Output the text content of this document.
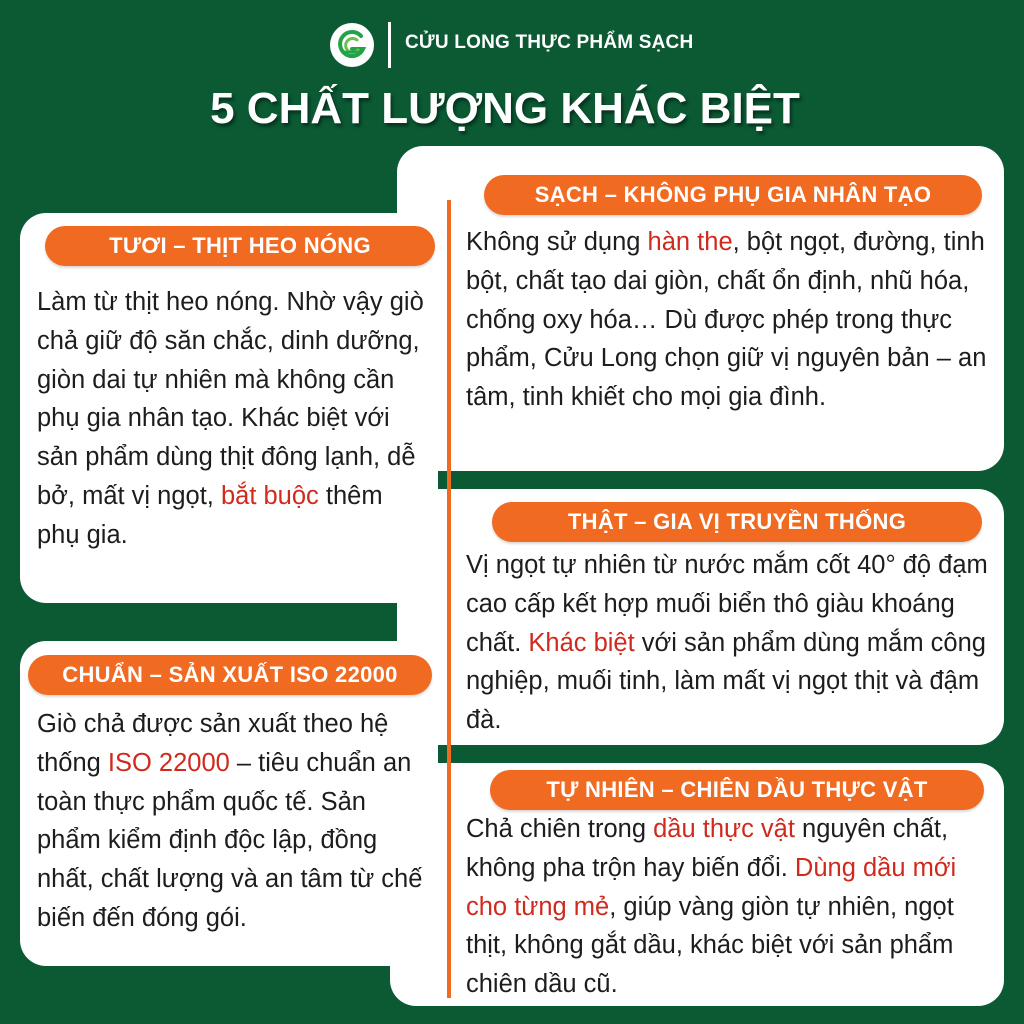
CỬU LONG THỰC PHẨM SẠCH
5 CHẤT LƯỢNG KHÁC BIỆT
SẠCH – KHÔNG PHỤ GIA NHÂN TẠO
Không sử dụng hàn the, bột ngọt, đường, tinh bột, chất tạo dai giòn, chất ổn định, nhũ hóa, chống oxy hóa… Dù được phép trong thực phẩm, Cửu Long chọn giữ vị nguyên bản – an tâm, tinh khiết cho mọi gia đình.
TƯƠI – THỊT HEO NÓNG
Làm từ thịt heo nóng. Nhờ vậy giò chả giữ độ săn chắc, dinh dưỡng, giòn dai tự nhiên mà không cần phụ gia nhân tạo. Khác biệt với sản phẩm dùng thịt đông lạnh, dễ bở, mất vị ngọt, bắt buộc thêm phụ gia.	THẬT – GIA VỊ TRUYỀN THỐNG
Vị ngọt tự nhiên từ nước mắm cốt 40° độ đạm cao cấp kết hợp muối biển thô giàu khoáng chất. Khác biệt với sản phẩm dùng mắm công nghiệp, muối tinh, làm mất vị ngọt thịt và đậm đà.
CHUẨN – SẢN XUẤT ISO 22000
Giò chả được sản xuất theo hệ thống ISO 22000 – tiêu chuẩn an toàn thực phẩm quốc tế. Sản phẩm kiểm định độc lập, đồng nhất, chất lượng và an tâm từ chế biến đến đóng gói.
TỰ NHIÊN – CHIÊN DẦU THỰC VẬT
Chả chiên trong dầu thực vật nguyên chất, không pha trộn hay biến đổi. Dùng dầu mới cho từng mẻ, giúp vàng giòn tự nhiên, ngọt thịt, không gắt dầu, khác biệt với sản phẩm chiên dầu cũ.
